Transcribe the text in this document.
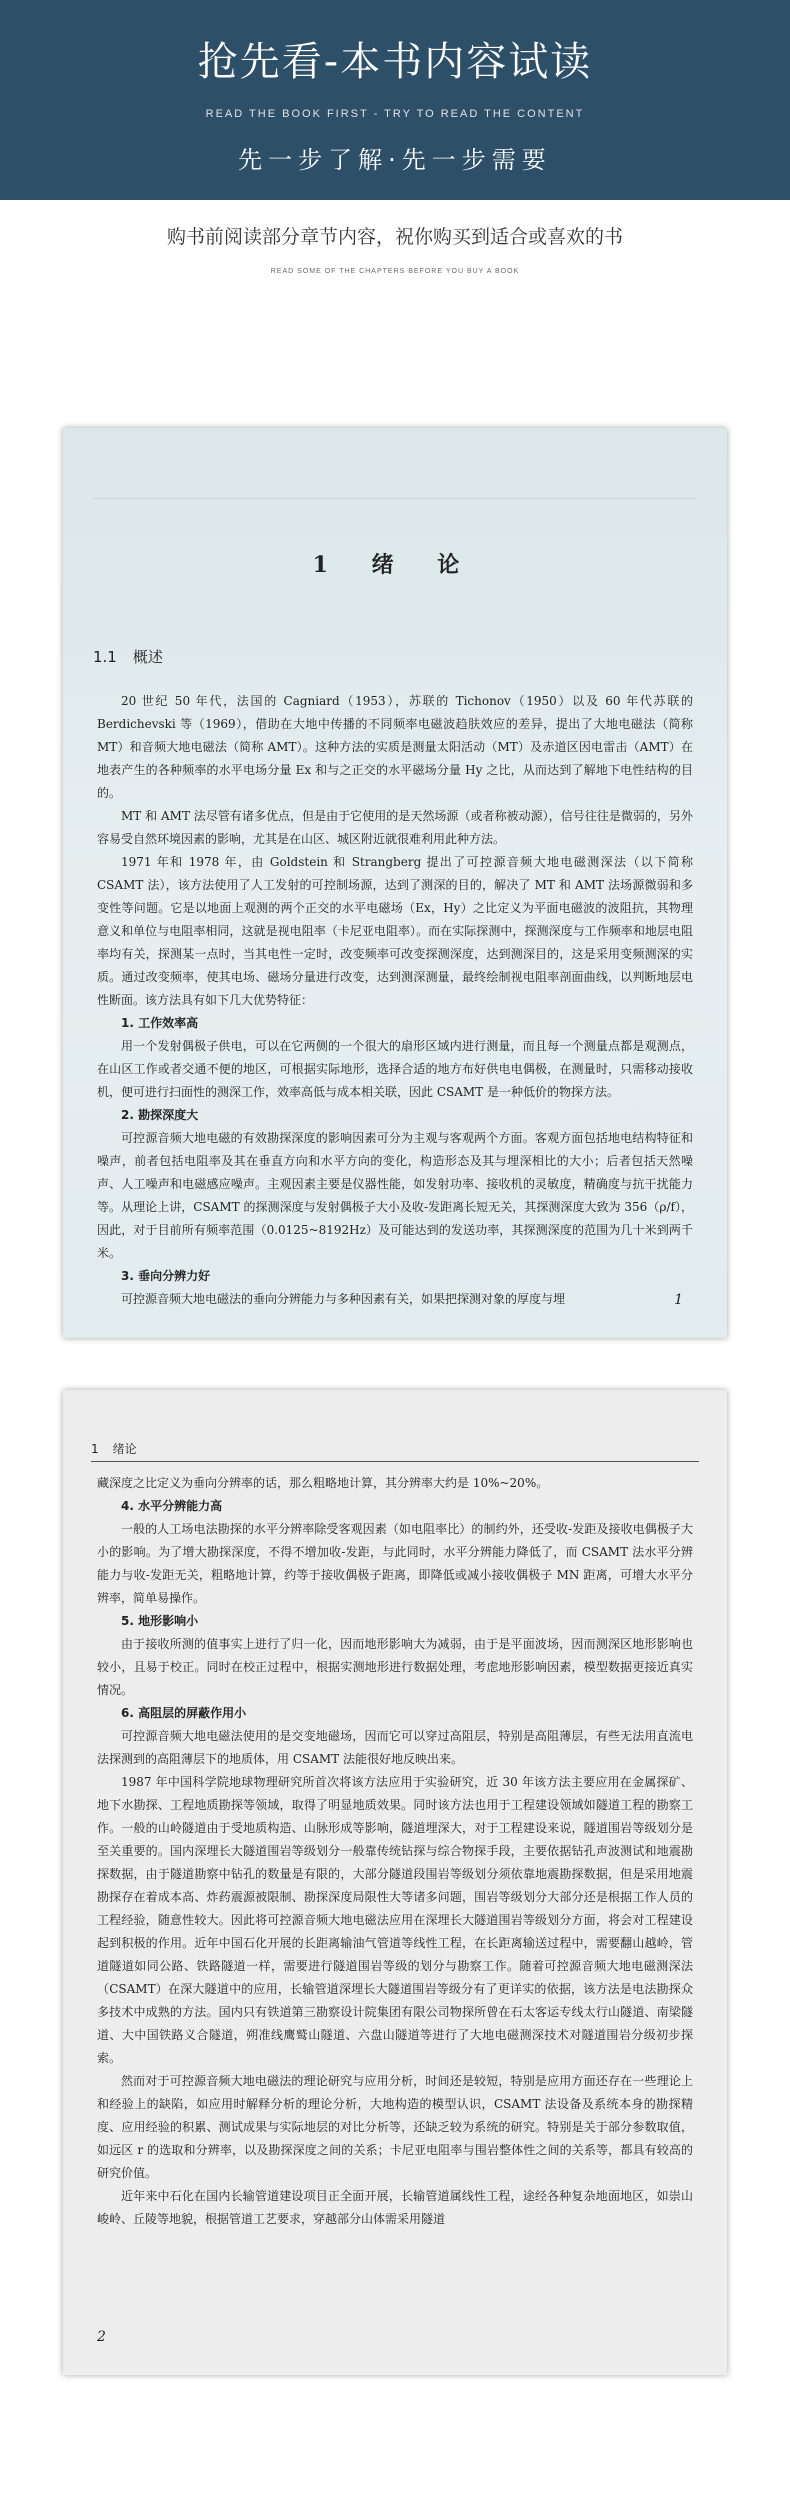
抢先看-本书内容试读
READ THE BOOK FIRST - TRY TO READ THE CONTENT
先一步了解·先一步需要
购书前阅读部分章节内容，祝你购买到适合或喜欢的书
READ SOME OF THE CHAPTERS BEFORE YOU BUY A BOOK
1 绪 论
1.1 概述

20 世纪 50 年代，法国的 Cagniard（1953），苏联的 Tichonov（1950）以及 60 年代苏联的 Berdichevski 等（1969），借助在大地中传播的不同频率电磁波趋肤效应的差异，提出了大地电磁法（简称 MT）和音频大地电磁法（简称 AMT）。这种方法的实质是测量太阳活动（MT）及赤道区因电雷击（AMT）在地表产生的各种频率的水平电场分量 Ex 和与之正交的水平磁场分量 Hy 之比，从而达到了解地下电性结构的目的。

MT 和 AMT 法尽管有诸多优点，但是由于它使用的是天然场源（或者称被动源），信号往往是微弱的，另外容易受自然环境因素的影响，尤其是在山区、城区附近就很难利用此种方法。

1971 年和 1978 年，由 Goldstein 和 Strangberg 提出了可控源音频大地电磁测深法（以下简称 CSAMT 法），该方法使用了人工发射的可控制场源，达到了测深的目的，解决了 MT 和 AMT 法场源微弱和多变性等问题。它是以地面上观测的两个正交的水平电磁场（Ex，Hy）之比定义为平面电磁波的波阻抗，其物理意义和单位与电阻率相同，这就是视电阻率（卡尼亚电阻率）。而在实际探测中，探测深度与工作频率和地层电阻率均有关，探测某一点时，当其电性一定时，改变频率可改变探测深度，达到测深目的，这是采用变频测深的实质。通过改变频率，使其电场、磁场分量进行改变，达到测深测量，最终绘制视电阻率剖面曲线，以判断地层电性断面。该方法具有如下几大优势特征：

1. 工作效率高

用一个发射偶极子供电，可以在它两侧的一个很大的扇形区域内进行测量，而且每一个测量点都是观测点，在山区工作或者交通不便的地区，可根据实际地形，选择合适的地方布好供电电偶极，在测量时，只需移动接收机，便可进行扫面性的测深工作，效率高低与成本相关联，因此 CSAMT 是一种低价的物探方法。

2. 勘探深度大

可控源音频大地电磁的有效勘探深度的影响因素可分为主观与客观两个方面。客观方面包括地电结构特征和噪声，前者包括电阻率及其在垂直方向和水平方向的变化，构造形态及其与埋深相比的大小；后者包括天然噪声、人工噪声和电磁感应噪声。主观因素主要是仪器性能，如发射功率、接收机的灵敏度，精确度与抗干扰能力等。从理论上讲，CSAMT 的探测深度与发射偶极子大小及收-发距离长短无关，其探测深度大致为 356（ρ/f），因此，对于目前所有频率范围（0.0125~8192Hz）及可能达到的发送功率，其探测深度的范围为几十米到两千米。

3. 垂向分辨力好

可控源音频大地电磁法的垂向分辨能力与多种因素有关，如果把探测对象的厚度与埋	1
1 绪论

藏深度之比定义为垂向分辨率的话，那么粗略地计算，其分辨率大约是 10%~20%。

4. 水平分辨能力高

一般的人工场电法勘探的水平分辨率除受客观因素（如电阻率比）的制约外，还受收-发距及接收电偶极子大小的影响。为了增大勘探深度，不得不增加收-发距，与此同时，水平分辨能力降低了，而 CSAMT 法水平分辨能力与收-发距无关，粗略地计算，约等于接收偶极子距离，即降低或减小接收偶极子 MN 距离，可增大水平分辨率，简单易操作。

5. 地形影响小

由于接收所测的值事实上进行了归一化，因而地形影响大为减弱，由于是平面波场，因而测深区地形影响也较小，且易于校正。同时在校正过程中，根据实测地形进行数据处理，考虑地形影响因素，模型数据更接近真实情况。

6. 高阻层的屏蔽作用小

可控源音频大地电磁法使用的是交变地磁场，因而它可以穿过高阻层，特别是高阻薄层，有些无法用直流电法探测到的高阻薄层下的地质体，用 CSAMT 法能很好地反映出来。

1987 年中国科学院地球物理研究所首次将该方法应用于实验研究，近 30 年该方法主要应用在金属探矿、地下水勘探、工程地质勘探等领域，取得了明显地质效果。同时该方法也用于工程建设领域如隧道工程的勘察工作。一般的山岭隧道由于受地质构造、山脉形成等影响，隧道埋深大，对于工程建设来说，隧道围岩等级划分是至关重要的。国内深埋长大隧道围岩等级划分一般靠传统钻探与综合物探手段，主要依据钻孔声波测试和地震勘探数据，由于隧道勘察中钻孔的数量是有限的，大部分隧道段围岩等级划分须依靠地震勘探数据，但是采用地震勘探存在着成本高、炸药震源被限制、勘探深度局限性大等诸多问题，围岩等级划分大部分还是根据工作人员的工程经验，随意性较大。因此将可控源音频大地电磁法应用在深埋长大隧道围岩等级划分方面，将会对工程建设起到积极的作用。近年中国石化开展的长距离输油气管道等线性工程，在长距离输送过程中，需要翻山越岭，管道隧道如同公路、铁路隧道一样，需要进行隧道围岩等级的划分与勘察工作。随着可控源音频大地电磁测深法（CSAMT）在深大隧道中的应用，长输管道深埋长大隧道围岩等级分有了更详实的依据，该方法是电法勘探众多技术中成熟的方法。国内只有铁道第三勘察设计院集团有限公司物探所曾在石太客运专线太行山隧道、南梁隧道、大中国铁路义合隧道，朔准线鹰鹫山隧道、六盘山隧道等进行了大地电磁测深技术对隧道围岩分级初步探索。

然而对于可控源音频大地电磁法的理论研究与应用分析，时间还是较短，特别是应用方面还存在一些理论上和经验上的缺陷，如应用时解释分析的理论分析，大地构造的模型认识，CSAMT 法设备及系统本身的勘探精度、应用经验的积累、测试成果与实际地层的对比分析等，还缺乏较为系统的研究。特别是关于部分参数取值，如远区 r 的选取和分辨率，以及勘探深度之间的关系；卡尼亚电阻率与围岩整体性之间的关系等，都具有较高的研究价值。

近年来中石化在国内长输管道建设项目正全面开展，长输管道属线性工程，途经各种复杂地面地区，如崇山峻岭、丘陵等地貌，根据管道工艺要求，穿越部分山体需采用隧道

2
